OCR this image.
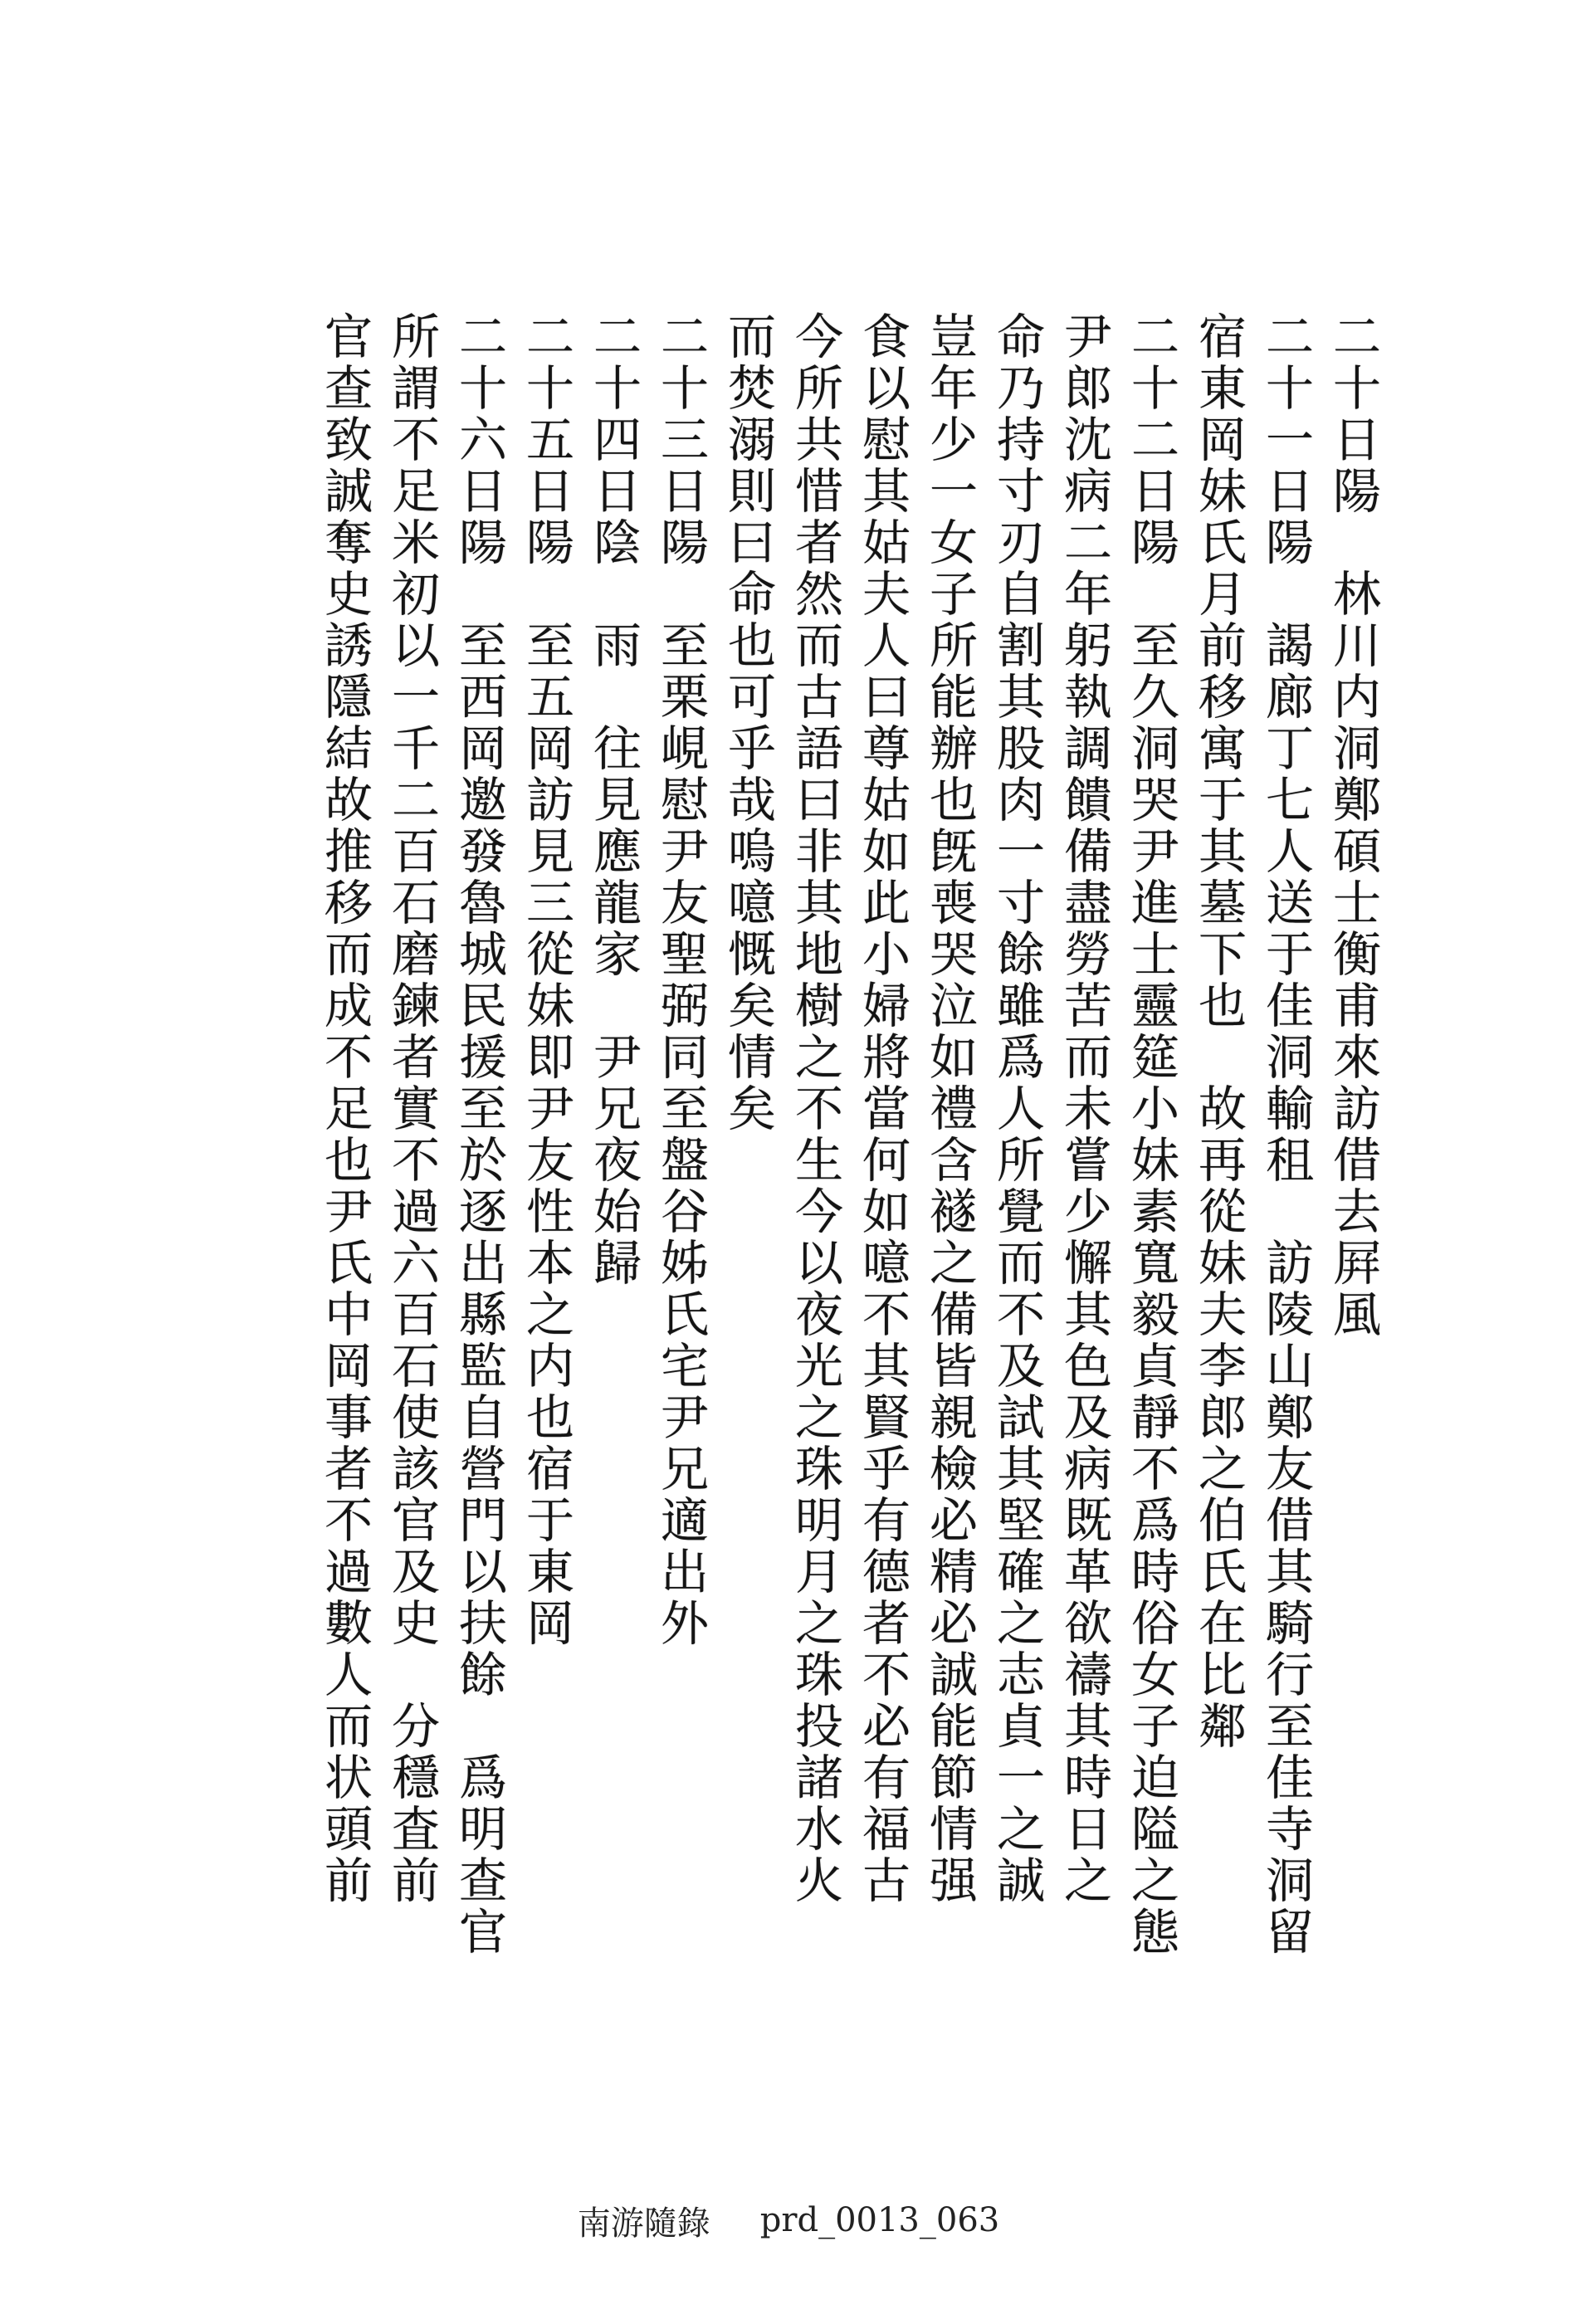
二十日陽　林川内洞鄭碩士衡甫來訪借去屛風
二十一日陽　謁廊丁七人送于佳洞輸租　訪陵山鄭友借其騎行至佳寺洞留
宿東岡妹氏月前移寓于其墓下也　故再從妹夫李郎之伯氏在比鄰
二十二日陽　至久洞哭尹進士靈筵小妹素寬毅貞靜不爲時俗女子迫隘之態
尹郎沈病二年躬執調饋備盡勞苦而未嘗少懈其色及病既革欲禱其時日之
命乃持寸刃自割其股肉一寸餘雖爲人所覺而不及試其堅確之志貞一之誠
豈年少一女子所能辦也旣喪哭泣如禮含襚之備皆親檢必精必誠能節情强
食以慰其姑夫人曰尊姑如此小婦將當何如噫不其賢乎有德者不必有福古
今所共惜者然而古語曰非其地樹之不生今以夜光之珠明月之珠投諸水火
而焚溺則曰命也可乎哉嗚噫慨矣情矣
二十三日陽　至栗峴慰尹友聖弼同至盤谷姊氏宅尹兄適出外
二十四日陰　雨　往見應龍家　尹兄夜始歸
二十五日陽　至五岡訪見三從妹即尹友性本之内也宿于東岡
二十六日陽　至西岡邀發魯城民援至於逐出縣監自營門以扶餘　爲明查官
所謂不足米初以一千二百石磨鍊者實不過六百石使該官及史　分穩査前
官查致誠奪史誘隱結故推移而成不足也尹氏中岡事者不過數人而状頭前
南游隨錄 prd_0013_063
